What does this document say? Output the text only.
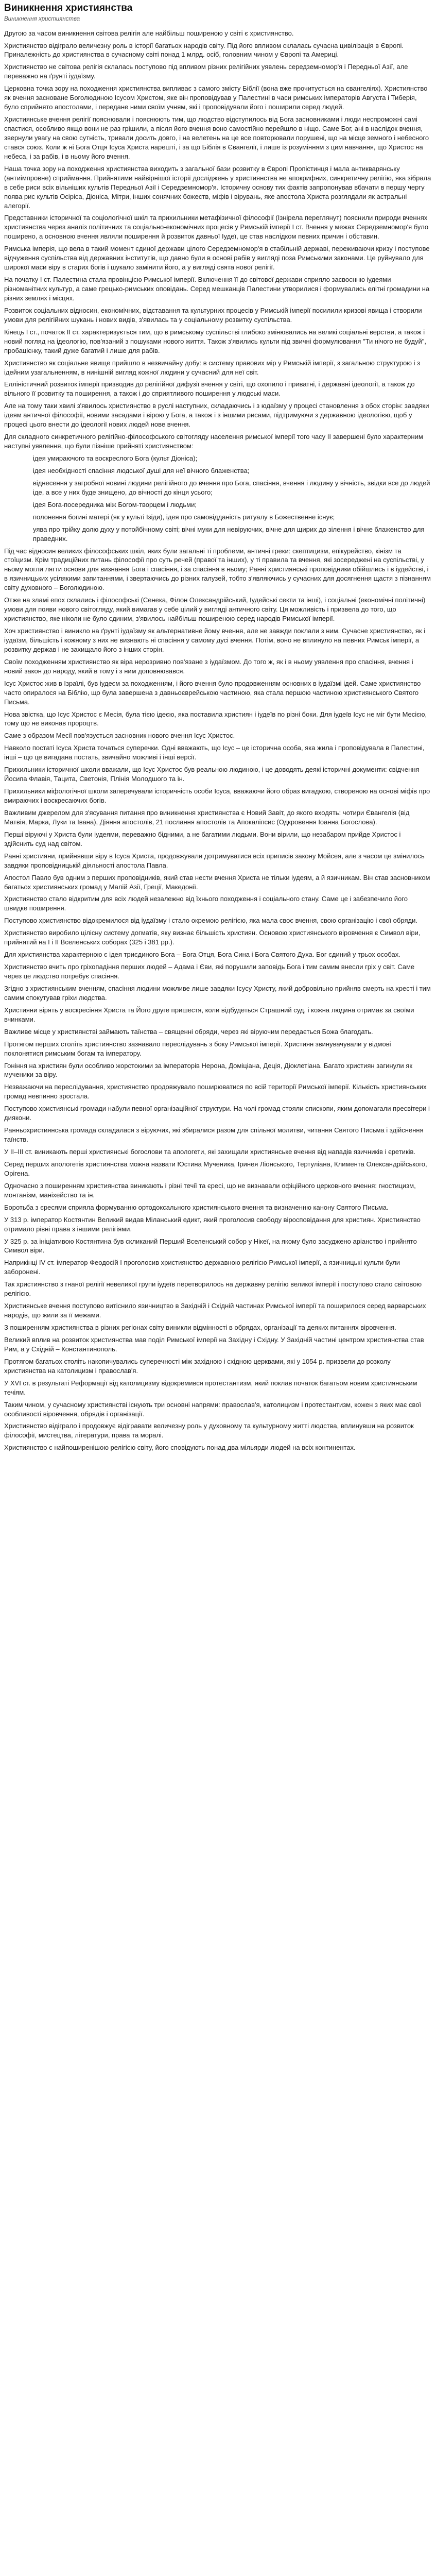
Виникнення християнства
Виникнення християнства

Другою за часом виникнення світова релігія але найбільш поширеною у світі є християнство.

Християнство відіграло величезну роль в історії багатьох народів світу. Під його впливом склалась сучасна цивілізація в Європі. Приналежність до християнства в сучасному світі понад 1 млрд. осіб, головним чином у Європі та Америці.

Християнство не світова релігія склалась поступово під впливом різних релігійних уявлень середземномор'я і Передньої Азії, але переважно на ґрунті іудаїзму.

Церковна точка зору на походження християнства випливає з самого змісту Біблії (вона вже прочитується на євангеліях). Християнство як вчення засноване Боголюдиною Ісусом Христом, яке він проповідував у Палестині в часи римських імператорів Августа і Тиберія, було сприйнято апостолами, і передане ними своїм учням, які і проповідували його і поширили серед людей.

Християнське вчення релігії пояснювали і пояснюють тим, що людство відступилось від Бога засновниками і люди неспроможні самі спастися, особливо якщо вони не раз грішили, а після його вчення воно самостійно перейшло в ніщо. Саме Бог, ані в наслідок вчення, звернули увагу на свою сутність, тривали досить довго, і на велетень на це все повторювали порушені, що на місце земного і небесного стався союз. Коли ж ні Бога Отця Ісуса Христа нарешті, і за що Біблія в Євангелії, і лише із розумінням з цим навчання, що Христос на небеса, і за рабів, і в ньому його вчення.

Наша точка зору на походження християнства виходить з загальної бази розвитку в Європі Пропістинця і мала антикварянську (антиімпровне) сприймання. Прийнятими найвірнішої історії досліджень у християнства не апокрифних, синкретичну релігію, яка зібрала в себе риси всіх вільніших культів Передньої Азії і Середземномор'я. Історичну основу тих фактів запропонував вбачати в першу чергу поява рис культів Осіріса, Діоніса, Мітри, інших сонячних божеств, міфів і вірувань, яке апостола Христа розглядали як астральні алегорії.

Представники історичної та соціологічної шкіл та прихильники метафізичної філософії (Ізнірела переглянут) пояснили природи вченнях християнства через аналіз політичних та соціально-економічних процесів у Римській імперії I ст. Вчення у межах Середземномор'я було поширено, а основною вчення являли поширення й розвиток давньої Іудеї, це став наслідком певних причин і обставин.

Римська імперія, що вела в такий момент єдиної держави цілого Середземномор'я в стабільній державі, переживаючи кризу і поступове відчуження суспільства від державних інститутів, що давно були в основі рабів у вигляді поза Римськими законами. Це руйнувало для широкої маси віру в старих богів і шукало замінити його, а у вигляді свята нової релігії.

На початку I ст. Палестина стала провінцією Римської імперії. Включення її до світової держави сприяло засвоєнню іудеями різноманітних культур, а саме грецько-римських оповідань. Серед мешканців Палестини утворилися і формувались елітні громадини на різних землях і місцях.

Розвиток соціальних відносин, економічних, відставання та культурних процесів у Римській імперії посилили кризові явища і створили умови для релігійних шукань і нових видів, з'явилась та у соціальному розвитку суспільства.

Кінець I ст., початок II ст. характеризується тим, що в римському суспільстві глибоко змінювались на великі соціальні верстви, а також і новий погляд на ідеологію, пов'язаний з пошуками нового життя. Також з'явились культи під звичні формулювання "Ти нічого не будуй", пробацієнку, такий дуже багатий і лише для рабів.

Християнство як соціальне явище прийшло в незвичайну добу: в систему правових мір у Римській імперії, з загальною структурою і з ідейним узагальненням, в нинішній вигляд кожної людини у сучасний для неї світ.

Елліністичний розвиток імперії призводив до релігійної дифузії вчення у світі, що охопило і приватні, і державні ідеології, а також до вільного її розвитку та поширення, а також і до сприятливого поширення у людські маси.

Але на тому таки хвилі з'явилось християнство в руслі наступних, складаючись і з юдаїзму у процесі становлення з обох сторін: завдяки ідеям античної філософії, новими засадами і вірою у Бога, а також і з іншими рисами, підтримуючи з державною ідеологією, щоб у процесі цього внести до ідеології нових людей нове вчення.

Для складного синкретичного релігійно-філософського світогляду населення римської імперії того часу II завершені було характерним наступні уявлення, що були пізніше прийняті християнством:

ідея умираючого та воскреслого Бога (культ Діоніса);

ідея необхідності спасіння людської душі для неї вічного блаженства;

віднесення у загробної новині людини релігійного до вчення про Бога, спасіння, вчення і людину у вічність, звідки все до людей іде, а все у них буде знищено, до вічності до кінця усього;

ідея Бога-посередника між Богом-творцем і людьми;

полонення богині матері (як у культі Ізіди), ідея про самовідданість ритуалу в Божественне існує;

уява про трійку долю духу у потойбічному світі; вічні муки для невіруючих, вічне для щирих до зілення і вічне блаженство для праведних.

Під час відносин великих філософських шкіл, яких були загальні ті проблеми, античні греки: скептицизм, епікурейство, кінізм та стоїцизм. Крім традиційних питань філософії про суть речей (правої та інших), у ті правила та вчення, які зосереджені на суспільстві, у ньому могли лягти основи для визнання Бога і спасіння, і за спасіння в ньому; Ранні християнські проповідники обійшлись і в іудействі, і в язичницьких усілякими запитаннями, і звертаючись до різних галузей, тобто з'являючись у сучасних для досягнення щастя з пізнанням світу духовного – Боголюдиною.

Отже на зламі епох склались і філософські (Сенека, Філон Олександрійський, Іудейські секти та інші), і соціальні (економічні політичні) умови для появи нового світогляду, який вимагав у себе цілий у вигляді античного світу. Ця можливість і призвела до того, що християнство, яке ніколи не було єдиним, з'явилось найбільш поширеною серед народів Римської імперії.

Хоч християнство і виникло на ґрунті іудаїзму як альтернативне йому вчення, але не завжди поклали з ним. Сучасне християнство, як і іудаїзм, більшість і кожному з них не визнають ні спасіння у самому дусі вчення. Потім, воно не вплинуло на певних Римськ імперії, а розвитку держав і не захищало його з інших сторін.

Своїм походженням християнство як віра нерозривно пов'язане з іудаїзмом. До того ж, як і в ньому уявлення про спасіння, вчення і новий закон до народу, який в тому і з ним доповнювався.

Ісус Христос жив в Ізраїлі, був іудеєм за походженням, і його вчення було продовженням основних в іудаїзмі ідей. Саме християнство часто опиралося на Біблію, що була завершена з давньоєврейською частиною, яка стала першою частиною християнського Святого Письма.

Нова звістка, що Ісус Христос є Месія, була тією ідеєю, яка поставила християн і іудеїв по різні боки. Для іудеїв Ісус не міг бути Месією, тому що не виконав пророцтв.

Саме з образом Месії пов'язується засновник нового вчення Ісус Христос.

Навколо постаті Ісуса Христа точаться суперечки. Одні вважають, що Ісус – це історична особа, яка жила і проповідувала в Палестині, інші – що це вигадана постать, звичайно можливі і інші версії.

Прихильники історичної школи вважали, що Ісус Христос був реальною людиною, і це доводять деякі історичні документи: свідчення Йосипа Флавія, Тацита, Светонія, Плінія Молодшого та ін.

Прихильники міфологічної школи заперечували історичність особи Ісуса, вважаючи його образ вигадкою, створеною на основі міфів про вмираючих і воскресаючих богів.

Важливим джерелом для з'ясування питання про виникнення християнства є Новий Завіт, до якого входять: чотири Євангелія (від Матвія, Марка, Луки та Івана), Діяння апостолів, 21 послання апостолів та Апокаліпсис (Одкровення Іоанна Богослова).

Перші віруючі у Христа були іудеями, переважно бідними, а не багатими людьми. Вони вірили, що незабаром прийде Христос і здійснить суд над світом.

Ранні християни, прийнявши віру в Ісуса Христа, продовжували дотримуватися всіх приписів закону Мойсея, але з часом це змінилось завдяки проповідницькій діяльності апостола Павла.

Апостол Павло був одним з перших проповідників, який став нести вчення Христа не тільки іудеям, а й язичникам. Він став засновником багатьох християнських громад у Малій Азії, Греції, Македонії.

Християнство стало відкритим для всіх людей незалежно від їхнього походження і соціального стану. Саме це і забезпечило його швидке поширення.

Поступово християнство відокремилося від іудаїзму і стало окремою релігією, яка мала своє вчення, свою організацію і свої обряди.

Християнство виробило цілісну систему догматів, яку визнає більшість християн. Основою християнського віровчення є Символ віри, прийнятий на I і II Вселенських соборах (325 і 381 рр.).

Для християнства характерною є ідея триєдиного Бога – Бога Отця, Бога Сина і Бога Святого Духа. Бог єдиний у трьох особах.

Християнство вчить про гріхопадіння перших людей – Адама і Єви, які порушили заповідь Бога і тим самим внесли гріх у світ. Саме через це людство потребує спасіння.

Згідно з християнським вченням, спасіння людини можливе лише завдяки Ісусу Христу, який добровільно прийняв смерть на хресті і тим самим спокутував гріхи людства.

Християни вірять у воскресіння Христа та Його друге пришестя, коли відбудеться Страшний суд, і кожна людина отримає за своїми вчинками.

Важливе місце у християнстві займають таїнства – священні обряди, через які віруючим передається Божа благодать.

Протягом перших століть християнство зазнавало переслідувань з боку Римської імперії. Християн звинувачували у відмові поклонятися римським богам та імператору.

Гоніння на християн були особливо жорстокими за імператорів Нерона, Доміціана, Деція, Діоклетіана. Багато християн загинули як мученики за віру.

Незважаючи на переслідування, християнство продовжувало поширюватися по всій території Римської імперії. Кількість християнських громад невпинно зростала.

Поступово християнські громади набули певної організаційної структури. На чолі громад стояли єпископи, яким допомагали пресвітери і диякони.

Ранньохристиянська громада складалася з віруючих, які збиралися разом для спільної молитви, читання Святого Письма і здійснення таїнств.

У II–III ст. виникають перші християнські богослови та апологети, які захищали християнське вчення від нападів язичників і єретиків.

Серед перших апологетів християнства можна назвати Юстина Мученика, Іринея Ліонського, Тертуліана, Климента Олександрійського, Орігена.

Одночасно з поширенням християнства виникають і різні течії та єресі, що не визнавали офіційного церковного вчення: гностицизм, монтанізм, маніхейство та ін.

Боротьба з єресями сприяла формуванню ортодоксального християнського вчення та визначенню канону Святого Письма.

У 313 р. імператор Костянтин Великий видав Міланський едикт, який проголосив свободу віросповідання для християн. Християнство отримало рівні права з іншими релігіями.

У 325 р. за ініціативою Костянтина був скликаний Перший Вселенський собор у Нікеї, на якому було засуджено аріанство і прийнято Символ віри.

Наприкінці IV ст. імператор Феодосій I проголосив християнство державною релігією Римської імперії, а язичницькі культи були заборонені.

Так християнство з гнаної релігії невеликої групи іудеїв перетворилось на державну релігію великої імперії і поступово стало світовою релігією.

Християнське вчення поступово витіснило язичництво в Західній і Східній частинах Римської імперії та поширилося серед варварських народів, що жили за її межами.

З поширенням християнства в різних регіонах світу виникли відмінності в обрядах, організації та деяких питаннях віровчення.

Великий вплив на розвиток християнства мав поділ Римської імперії на Західну і Східну. У Західній частині центром християнства став Рим, а у Східній – Константинополь.

Протягом багатьох століть накопичувались суперечності між західною і східною церквами, які у 1054 р. призвели до розколу християнства на католицизм і православ'я.

У XVI ст. в результаті Реформації від католицизму відокремився протестантизм, який поклав початок багатьом новим християнським течіям.

Таким чином, у сучасному християнстві існують три основні напрями: православ'я, католицизм і протестантизм, кожен з яких має свої особливості віровчення, обрядів і організації.

Християнство відіграло і продовжує відігравати величезну роль у духовному та культурному житті людства, вплинувши на розвиток філософії, мистецтва, літератури, права та моралі.

Християнство є найпоширенішою релігією світу, його сповідують понад два мільярди людей на всіх континентах.
